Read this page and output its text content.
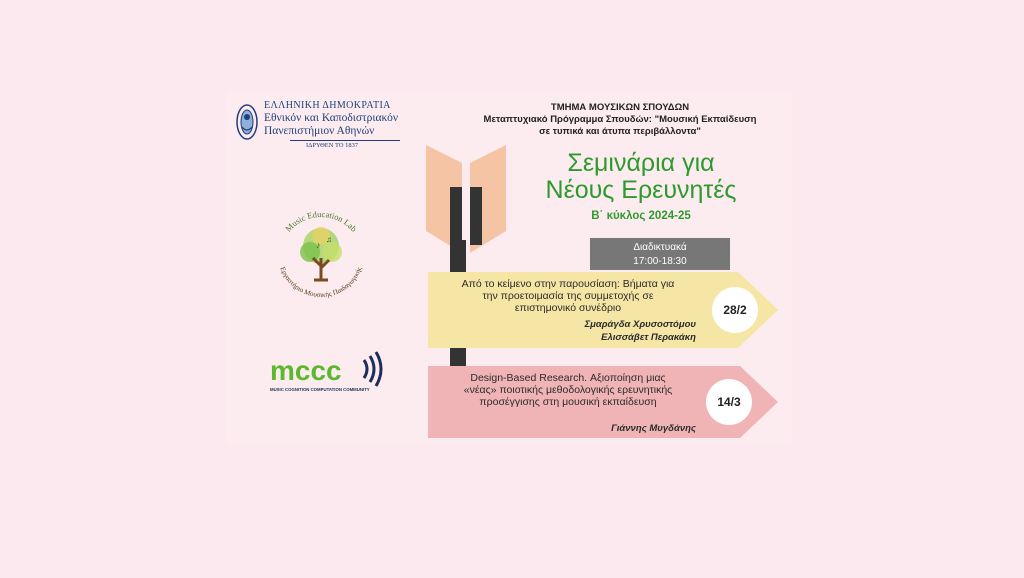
ΕΛΛΗΝΙΚΗ ΔΗΜΟΚΡΑΤΙΑ
Εθνικόν και Καποδιστριακόν
Πανεπιστήμιον Αθηνών
ΙΔΡΥΘΕΝ ΤΟ 1837
Music Education Lab
Εργαστήριο Μουσικής Παιδαγωγικής
♪
♫
mccc
MUSIC COGNITION COMPUTATION COMMUNITY
ΤΜΗΜΑ ΜΟΥΣΙΚΩΝ ΣΠΟΥΔΩΝ
Μεταπτυχιακό Πρόγραμμα Σπουδών: "Μουσική Εκπαίδευση
σε τυπικά και άτυπα περιβάλλοντα"
Σεμινάρια για
Νέους Ερευνητές
Β΄ κύκλος 2024-25
Διαδικτυακά
17:00-18:30
Από το κείμενο στην παρουσίαση: Βήματα για
την προετοιμασία της συμμετοχής σε
επιστημονικό συνέδριο
Σμαράγδα Χρυσοστόμου
Ελισσάβετ Περακάκη
28/2
Design-Based Research. Αξιοποίηση μιας
«νέας» ποιοτικής μεθοδολογικής ερευνητικής
προσέγγισης στη μουσική εκπαίδευση
Γιάννης Μυγδάνης
14/3
